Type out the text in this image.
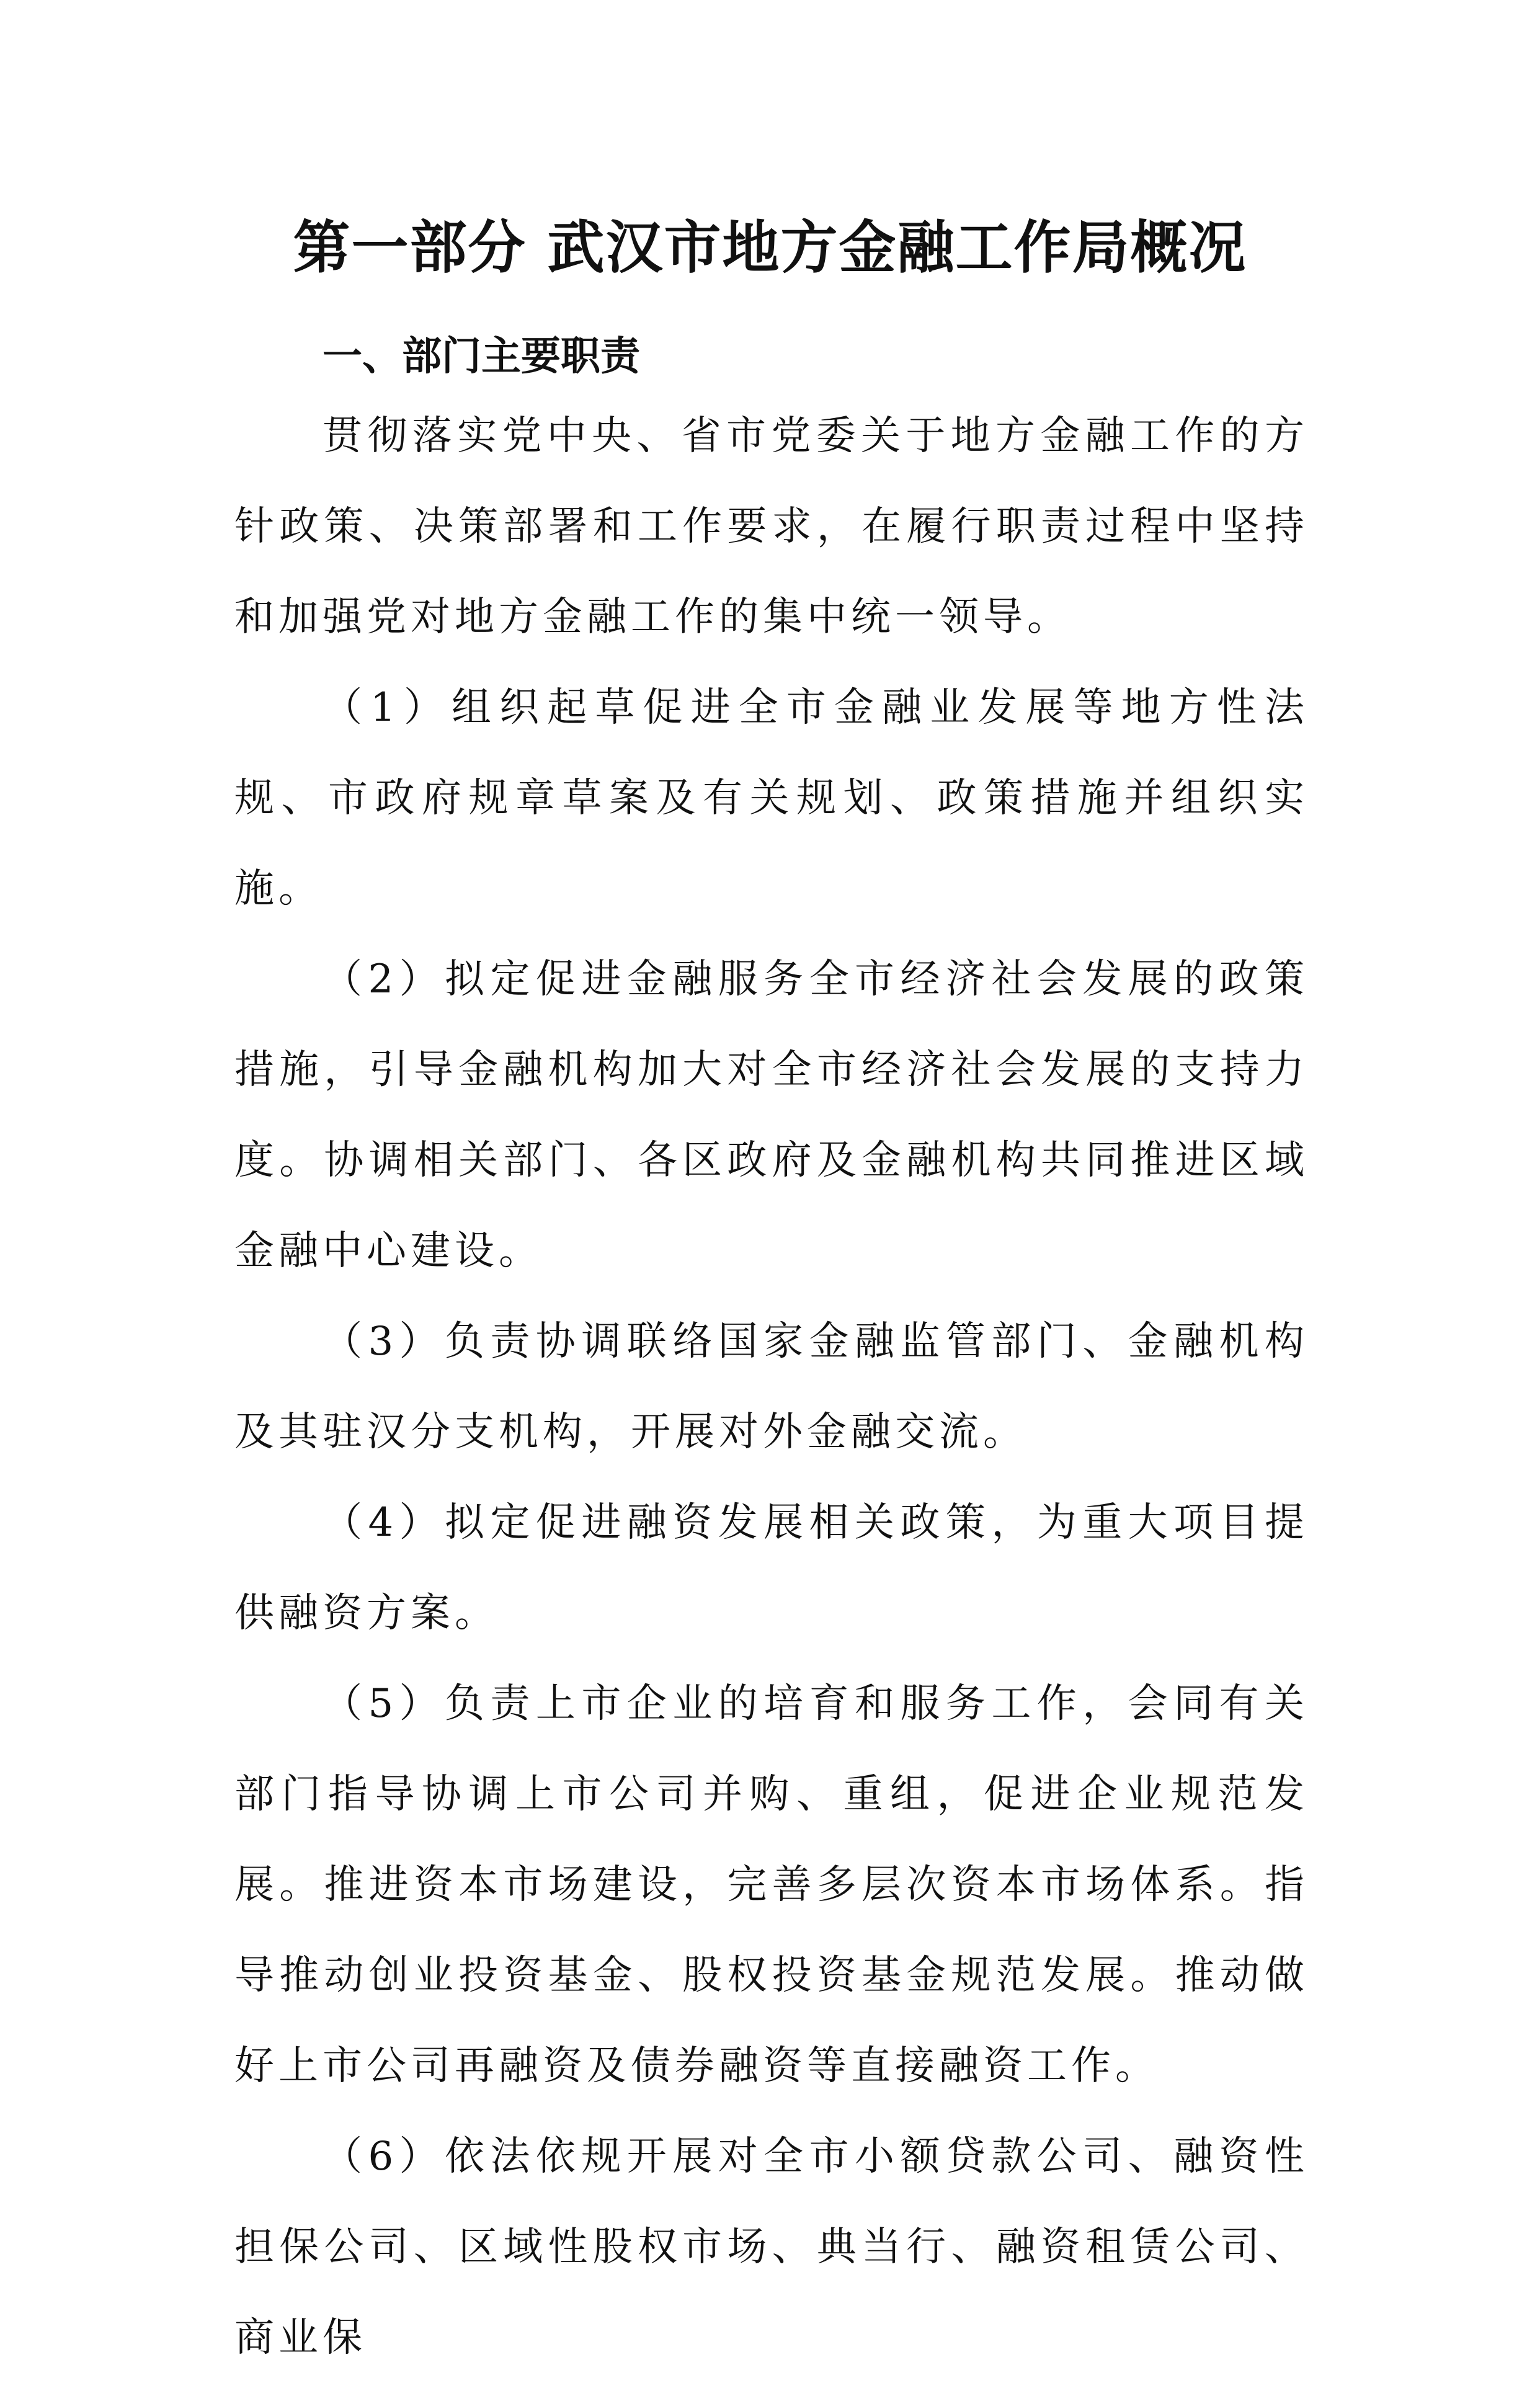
第一部分 武汉市地方金融工作局概况
一、部门主要职责

贯彻落实党中央、省市党委关于地方金融工作的方针政策、决策部署和工作要求，在履行职责过程中坚持和加强党对地方金融工作的集中统一领导。

（1）组织起草促进全市金融业发展等地方性法规、市政府规章草案及有关规划、政策措施并组织实施。

（2）拟定促进金融服务全市经济社会发展的政策措施，引导金融机构加大对全市经济社会发展的支持力度。协调相关部门、各区政府及金融机构共同推进区域金融中心建设。

（3）负责协调联络国家金融监管部门、金融机构及其驻汉分支机构，开展对外金融交流。

（4）拟定促进融资发展相关政策，为重大项目提供融资方案。

（5）负责上市企业的培育和服务工作，会同有关部门指导协调上市公司并购、重组，促进企业规范发展。推进资本市场建设，完善多层次资本市场体系。指导推动创业投资基金、股权投资基金规范发展。推动做好上市公司再融资及债券融资等直接融资工作。

（6）依法依规开展对全市小额贷款公司、融资性担保公司、区域性股权市场、典当行、融资租赁公司、商业保
